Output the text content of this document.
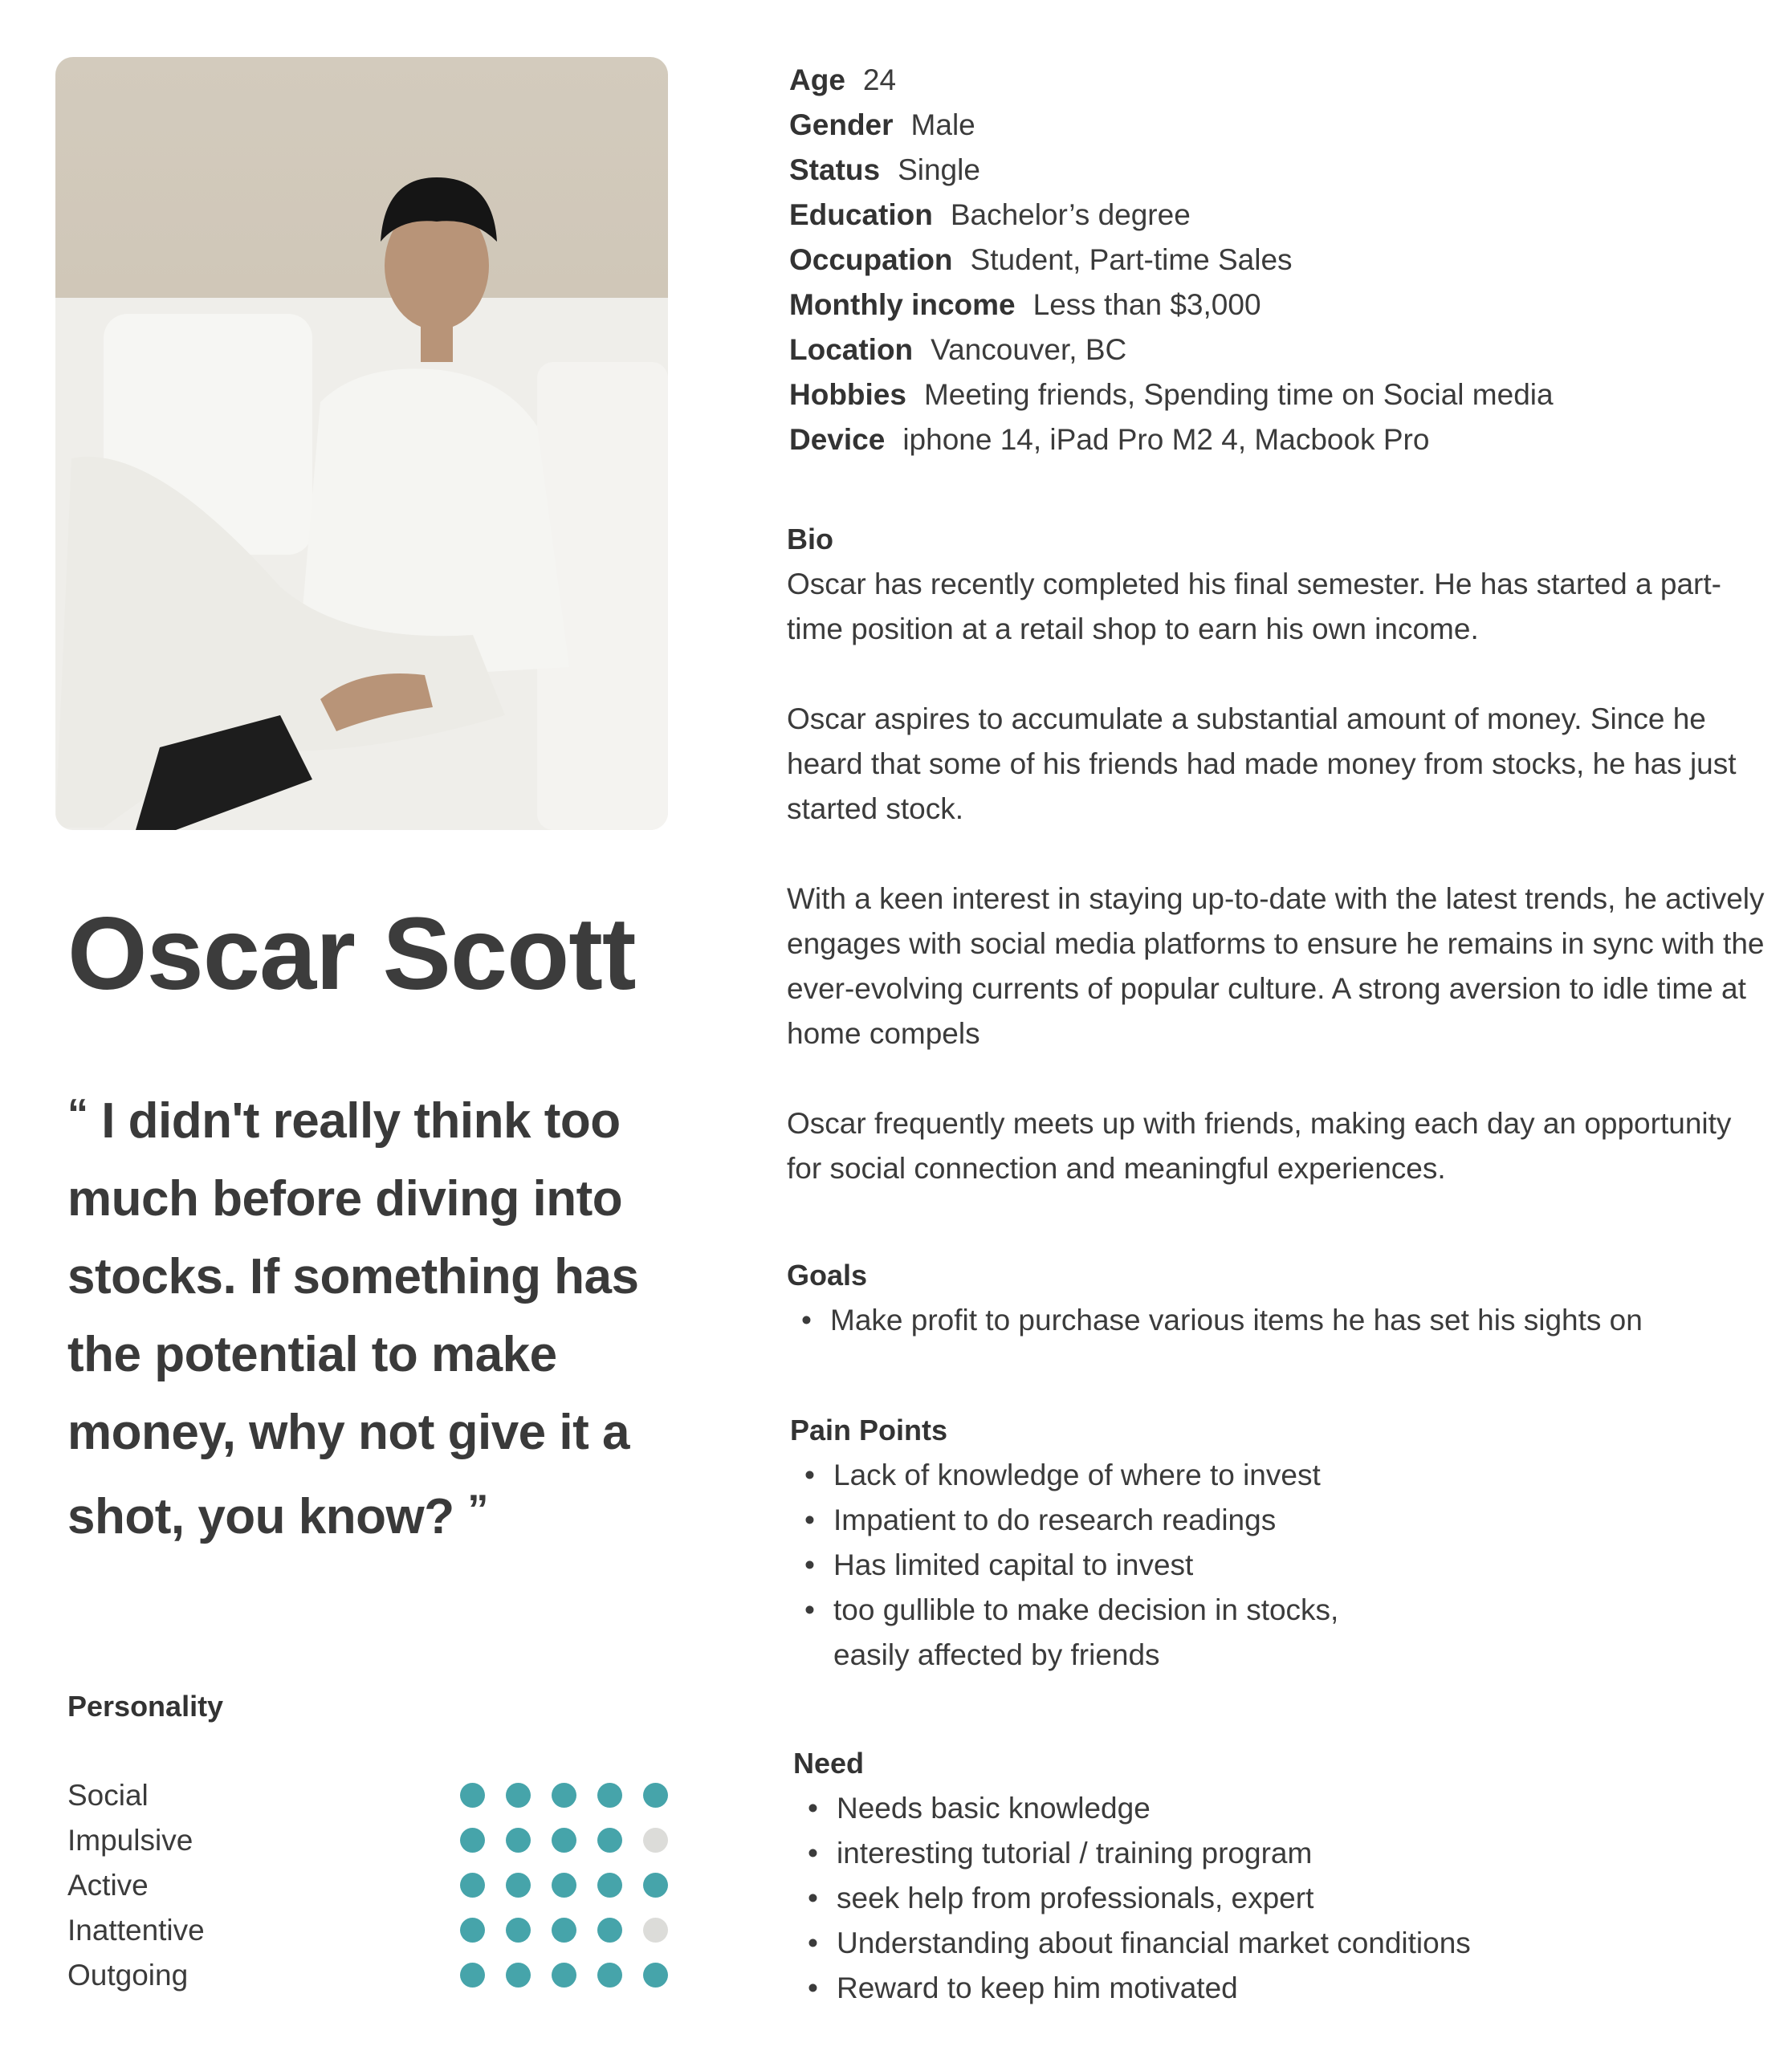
Oscar Scott
“ I didn't really think too much before diving into stocks. If something has the potential to make money, why not give it a shot, you know? ”
Personality
Social
Impulsive
Active
Inattentive
Outgoing
Age 24
Gender Male
Status Single
Education Bachelor’s degree
Occupation Student, Part-time Sales
Monthly income Less than $3,000
Location Vancouver, BC
Hobbies Meeting friends, Spending time on Social media
Device iphone 14, iPad Pro M2 4, Macbook Pro
Bio

Oscar has recently completed his final semester. He has started a part-time position at a retail shop to earn his own income.

Oscar aspires to accumulate a substantial amount of money. Since he heard that some of his friends had made money from stocks, he has just started stock.

With a keen interest in staying up-to-date with the latest trends, he actively engages with social media platforms to ensure he remains in sync with the ever-evolving currents of popular culture. A strong aversion to idle time at home compels

Oscar frequently meets up with friends, making each day an opportunity for social connection and meaningful experiences.

Goals
• Make profit to purchase various items he has set his sights on
Pain Points
• Lack of knowledge of where to invest
• Impatient to do research readings
• Has limited capital to invest
• too gullible to make decision in stocks, easily affected by friends
Need
• Needs basic knowledge
• interesting tutorial / training program
• seek help from professionals, expert
• Understanding about financial market conditions
• Reward to keep him motivated
